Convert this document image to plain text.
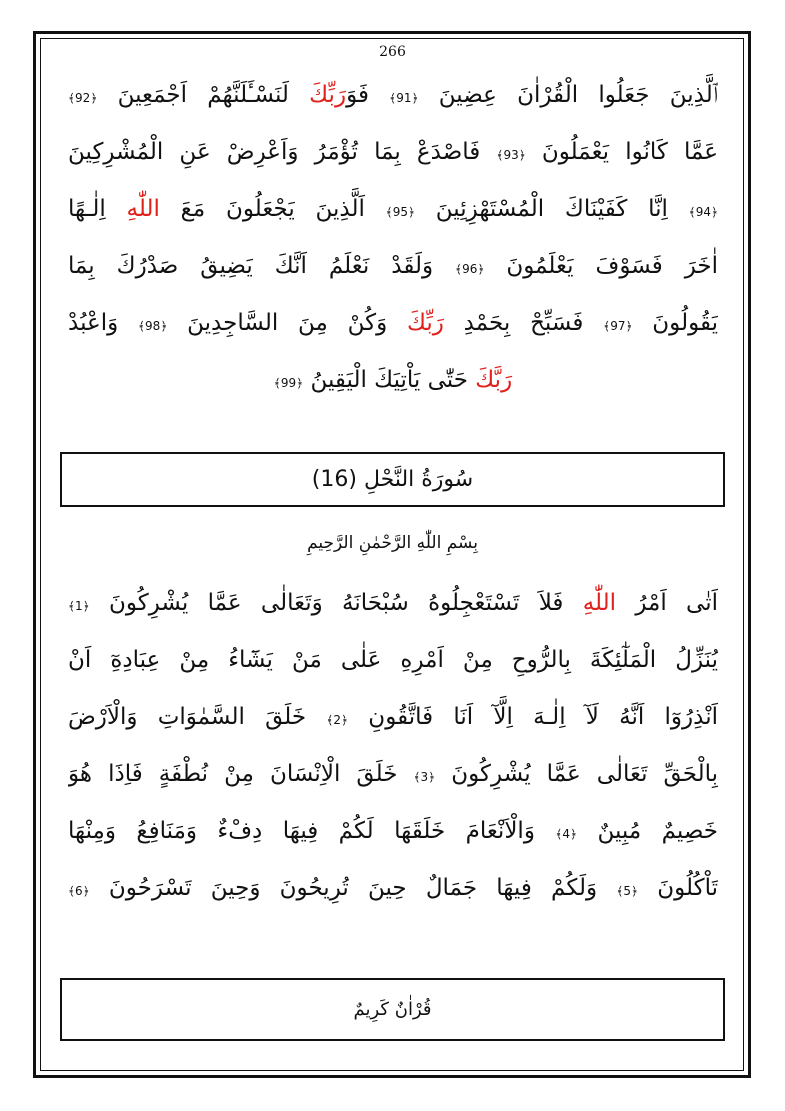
266
ﭐﻟَّﺬِﻳﻦَ جَعَلُوا الْقُرْاٰنَ عِضِينَ ﴿91﴾ فَوَرَبِّكَ لَنَسْـَٔلَنَّهُمْ اَجْمَعِينَ ﴿92﴾
عَمَّا كَانُوا يَعْمَلُونَ ﴿93﴾ فَاصْدَعْ بِمَا تُؤْمَرُ وَاَعْرِضْ عَنِ الْمُشْرِكِينَ
﴿94﴾ اِنَّا كَفَيْنَاكَ الْمُسْتَهْزِئِينَ ﴿95﴾ اَلَّذِينَ يَجْعَلُونَ مَعَ اللّٰهِ اِلٰـهًا
اٰخَرَ فَسَوْفَ يَعْلَمُونَ ﴿96﴾ وَلَقَدْ نَعْلَمُ اَنَّكَ يَضِيقُ صَدْرُكَ بِمَا
يَقُولُونَ ﴿97﴾ فَسَبِّحْ بِحَمْدِ رَبِّكَ وَكُنْ مِنَ السَّاجِدِينَ ﴿98﴾ وَاعْبُدْ
رَبَّكَ حَتّٰى يَاْتِيَكَ الْيَقِينُ ﴿99﴾
سُورَةُ النَّحْلِ (16)
بِسْمِ اللّٰهِ الرَّحْمٰنِ الرَّحِيمِ
اَتٰى اَمْرُ اللّٰهِ فَلاَ تَسْتَعْجِلُوهُ سُبْحَانَهُ وَتَعَالٰى عَمَّا يُشْرِكُونَ ﴿1﴾
يُنَزِّلُ الْمَلٰٓئِكَةَ بِالرُّوحِ مِنْ اَمْرِهِ عَلٰى مَنْ يَشَٓاءُ مِنْ عِبَادِهِٓ اَنْ
اَنْذِرُوٓا اَنَّهُ لَآ اِلٰـهَ اِلَّآ اَنَا فَاتَّقُونِ ﴿2﴾ خَلَقَ السَّمٰوَاتِ وَالْاَرْضَ
بِالْحَقِّ تَعَالٰى عَمَّا يُشْرِكُونَ ﴿3﴾ خَلَقَ الْاِنْسَانَ مِنْ نُطْفَةٍ فَاِذَا هُوَ
خَصِيمٌ مُبِينٌ ﴿4﴾ وَالْاَنْعَامَ خَلَقَهَا لَكُمْ فِيهَا دِفْءٌ وَمَنَافِعُ وَمِنْهَا
تَاْكُلُونَ ﴿5﴾ وَلَكُمْ فِيهَا جَمَالٌ حِينَ تُرِيحُونَ وَحِينَ تَسْرَحُونَ ﴿6﴾
قُرْاٰنٌ كَرِيمٌ
